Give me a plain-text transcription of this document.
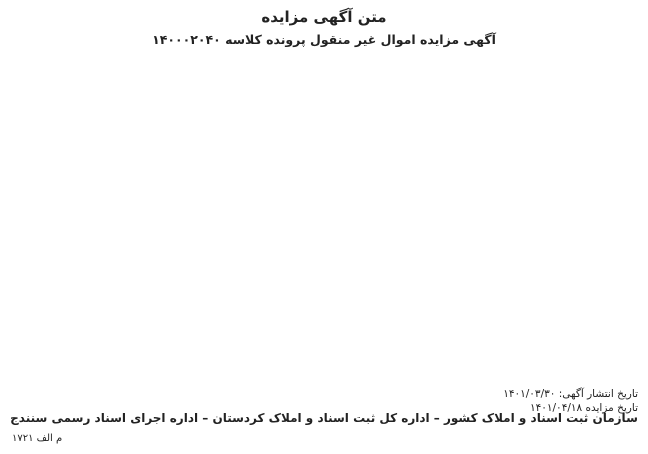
متن آگهی مزایده
آگهی مزایده اموال غیر منقول پرونده کلاسه ۱۴۰۰۰۲۰۴۰

تاریخ انتشار آگهی: ۱۴۰۱/۰۳/۳۰
تاریخ مزایده ۱۴۰۱/۰۴/۱۸
سازمان ثبت اسناد و املاک کشور – اداره کل ثبت اسناد و املاک کردستان – اداره اجرای اسناد رسمی سنندج
م الف ۱۷۲۱
